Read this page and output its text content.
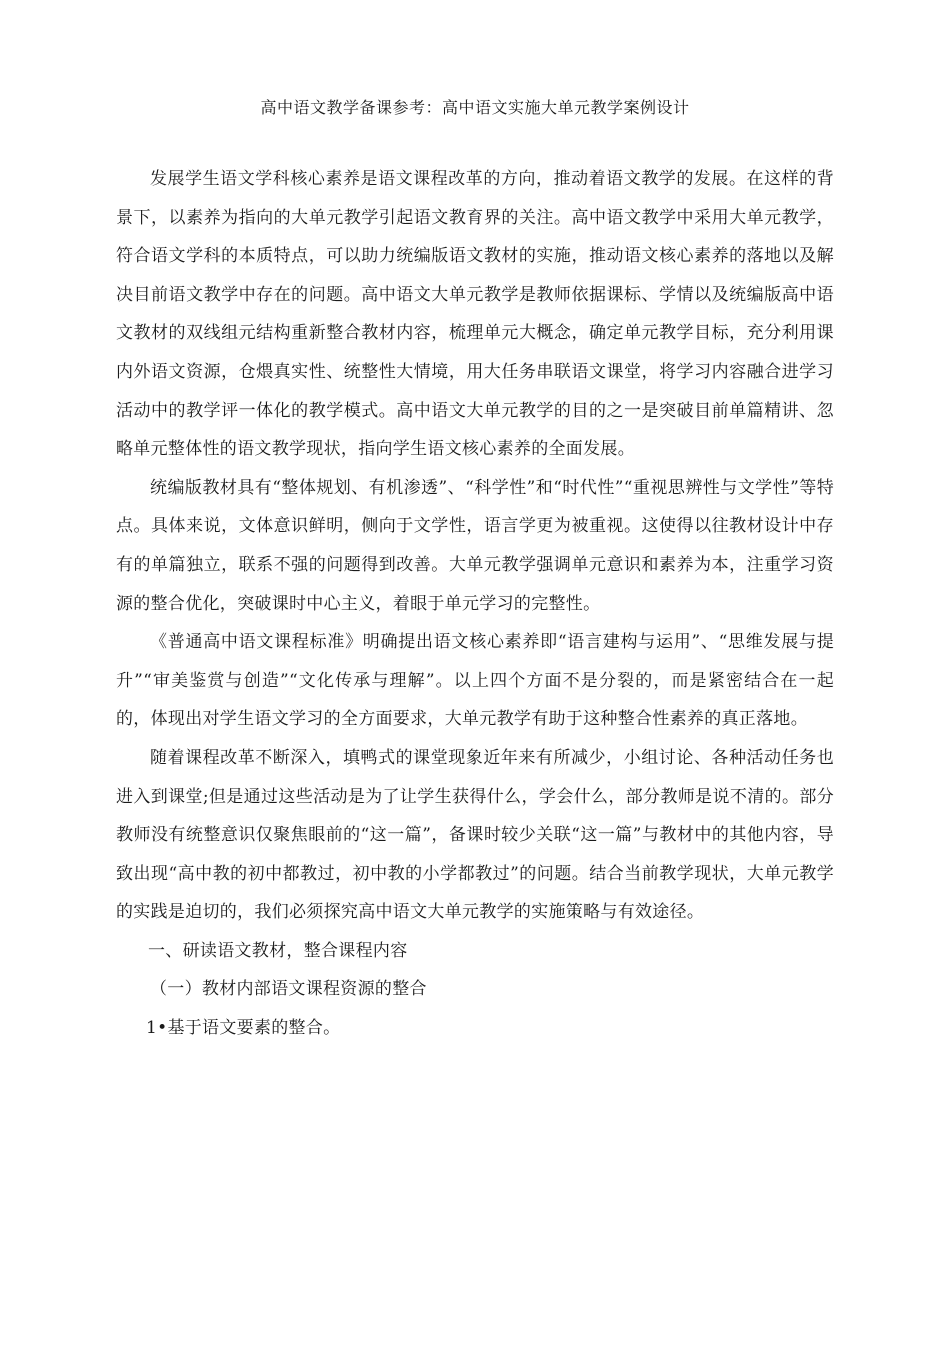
高中语文教学备课参考：高中语文实施大单元教学案例设计

发展学生语文学科核心素养是语文课程改革的方向，推动着语文教学的发展。在这样的背景下，以素养为指向的大单元教学引起语文教育界的关注。高中语文教学中采用大单元教学，符合语文学科的本质特点，可以助力统编版语文教材的实施，推动语文核心素养的落地以及解决目前语文教学中存在的问题。高中语文大单元教学是教师依据课标、学情以及统编版高中语文教材的双线组元结构重新整合教材内容，梳理单元大概念，确定单元教学目标，充分利用课内外语文资源，仓煨真实性、统整性大情境，用大任务串联语文课堂，将学习内容融合进学习活动中的教学评一体化的教学模式。高中语文大单元教学的目的之一是突破目前单篇精讲、忽略单元整体性的语文教学现状，指向学生语文核心素养的全面发展。

统编版教材具有“整体规划、有机渗透”、“科学性”和“时代性”“重视思辨性与文学性”等特点。具体来说，文体意识鲜明，侧向于文学性，语言学更为被重视。这使得以往教材设计中存有的单篇独立，联系不强的问题得到改善。大单元教学强调单元意识和素养为本，注重学习资源的整合优化，突破课时中心主义，着眼于单元学习的完整性。

《普通高中语文课程标准》明确提出语文核心素养即“语言建构与运用”、“思维发展与提升”“审美鉴赏与创造”“文化传承与理解”。以上四个方面不是分裂的，而是紧密结合在一起的，体现出对学生语文学习的全方面要求，大单元教学有助于这种整合性素养的真正落地。

随着课程改革不断深入，填鸭式的课堂现象近年来有所减少，小组讨论、各种活动任务也进入到课堂;但是通过这些活动是为了让学生获得什么，学会什么，部分教师是说不清的。部分教师没有统整意识仅聚焦眼前的“这一篇”，备课时较少关联“这一篇”与教材中的其他内容，导致出现“高中教的初中都教过，初中教的小学都教过”的问题。结合当前教学现状，大单元教学的实践是迫切的，我们必须探究高中语文大单元教学的实施策略与有效途径。

一、研读语文教材，整合课程内容
（一）教材内部语文课程资源的整合
1•基于语文要素的整合。
